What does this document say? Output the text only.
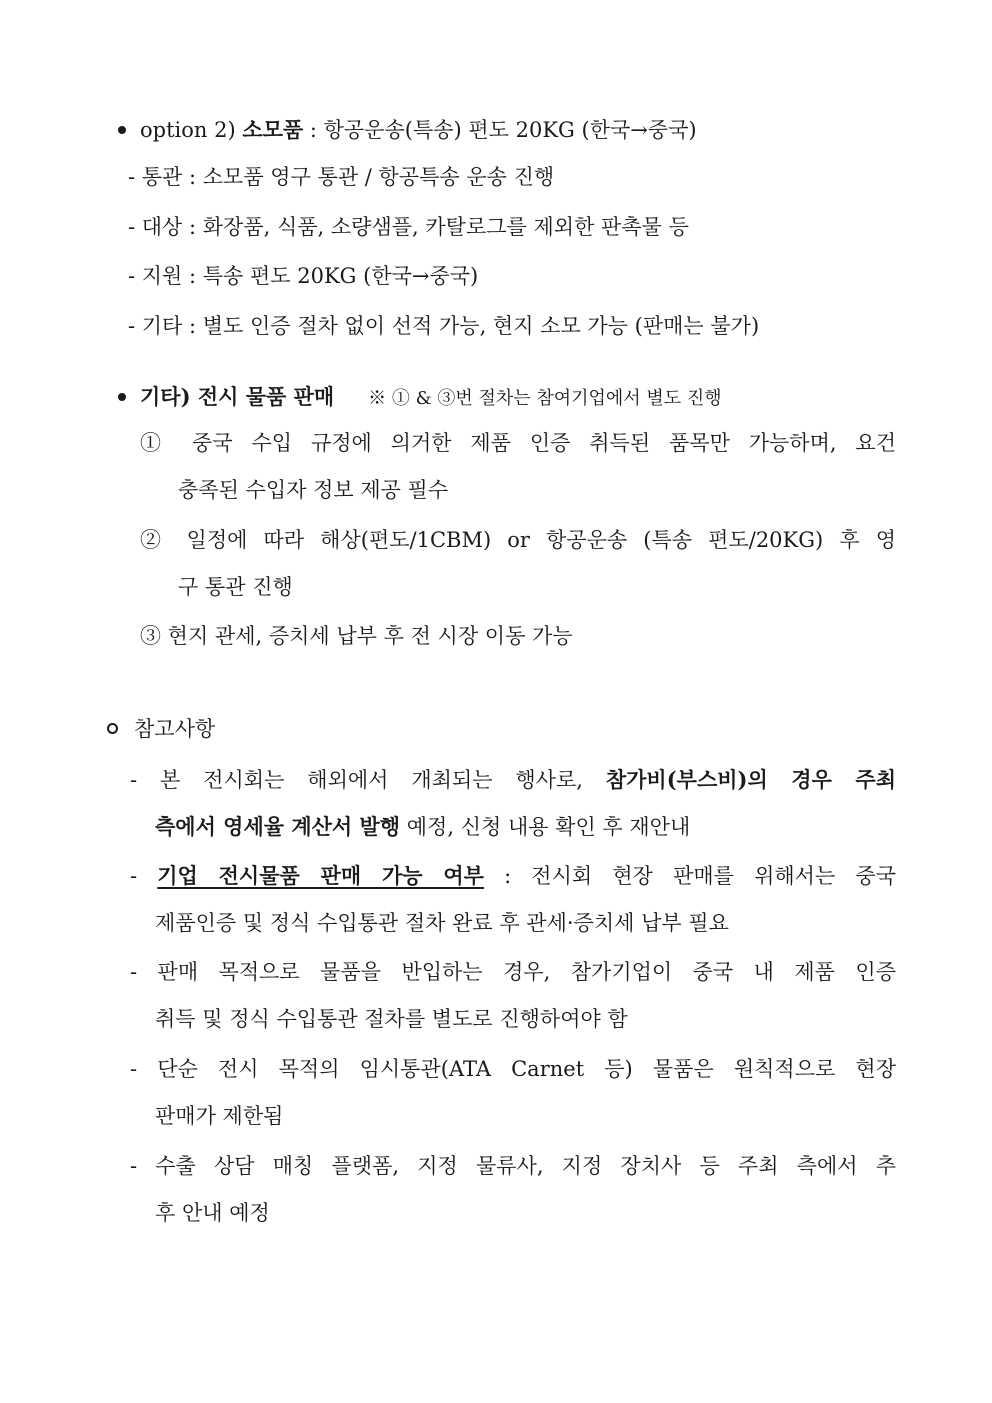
option 2) 소모품 : 항공운송(특송) 편도 20KG (한국→중국)
- 통관 : 소모품 영구 통관 / 항공특송 운송 진행
- 대상 : 화장품, 식품, 소량샘플, 카탈로그를 제외한 판촉물 등
- 지원 : 특송 편도 20KG (한국→중국)
- 기타 : 별도 인증 절차 없이 선적 가능, 현지 소모 가능 (판매는 불가)
기타) 전시 물품 판매 ※ ① & ③번 절차는 참여기업에서 별도 진행
① 중국 수입 규정에 의거한 제품 인증 취득된 품목만 가능하며, 요건
충족된 수입자 정보 제공 필수
② 일정에 따라 해상(편도/1CBM) or 항공운송 (특송 편도/20KG) 후 영
구 통관 진행
③ 현지 관세, 증치세 납부 후 전 시장 이동 가능
참고사항
- 본 전시회는 해외에서 개최되는 행사로, 참가비(부스비)의 경우 주최
측에서 영세율 계산서 발행 예정, 신청 내용 확인 후 재안내
- 기업 전시물품 판매 가능 여부 : 전시회 현장 판매를 위해서는 중국
제품인증 및 정식 수입통관 절차 완료 후 관세·증치세 납부 필요
- 판매 목적으로 물품을 반입하는 경우, 참가기업이 중국 내 제품 인증
취득 및 정식 수입통관 절차를 별도로 진행하여야 함
- 단순 전시 목적의 임시통관(ATA Carnet 등) 물품은 원칙적으로 현장
판매가 제한됨
- 수출 상담 매칭 플랫폼, 지정 물류사, 지정 장치사 등 주최 측에서 추
후 안내 예정
